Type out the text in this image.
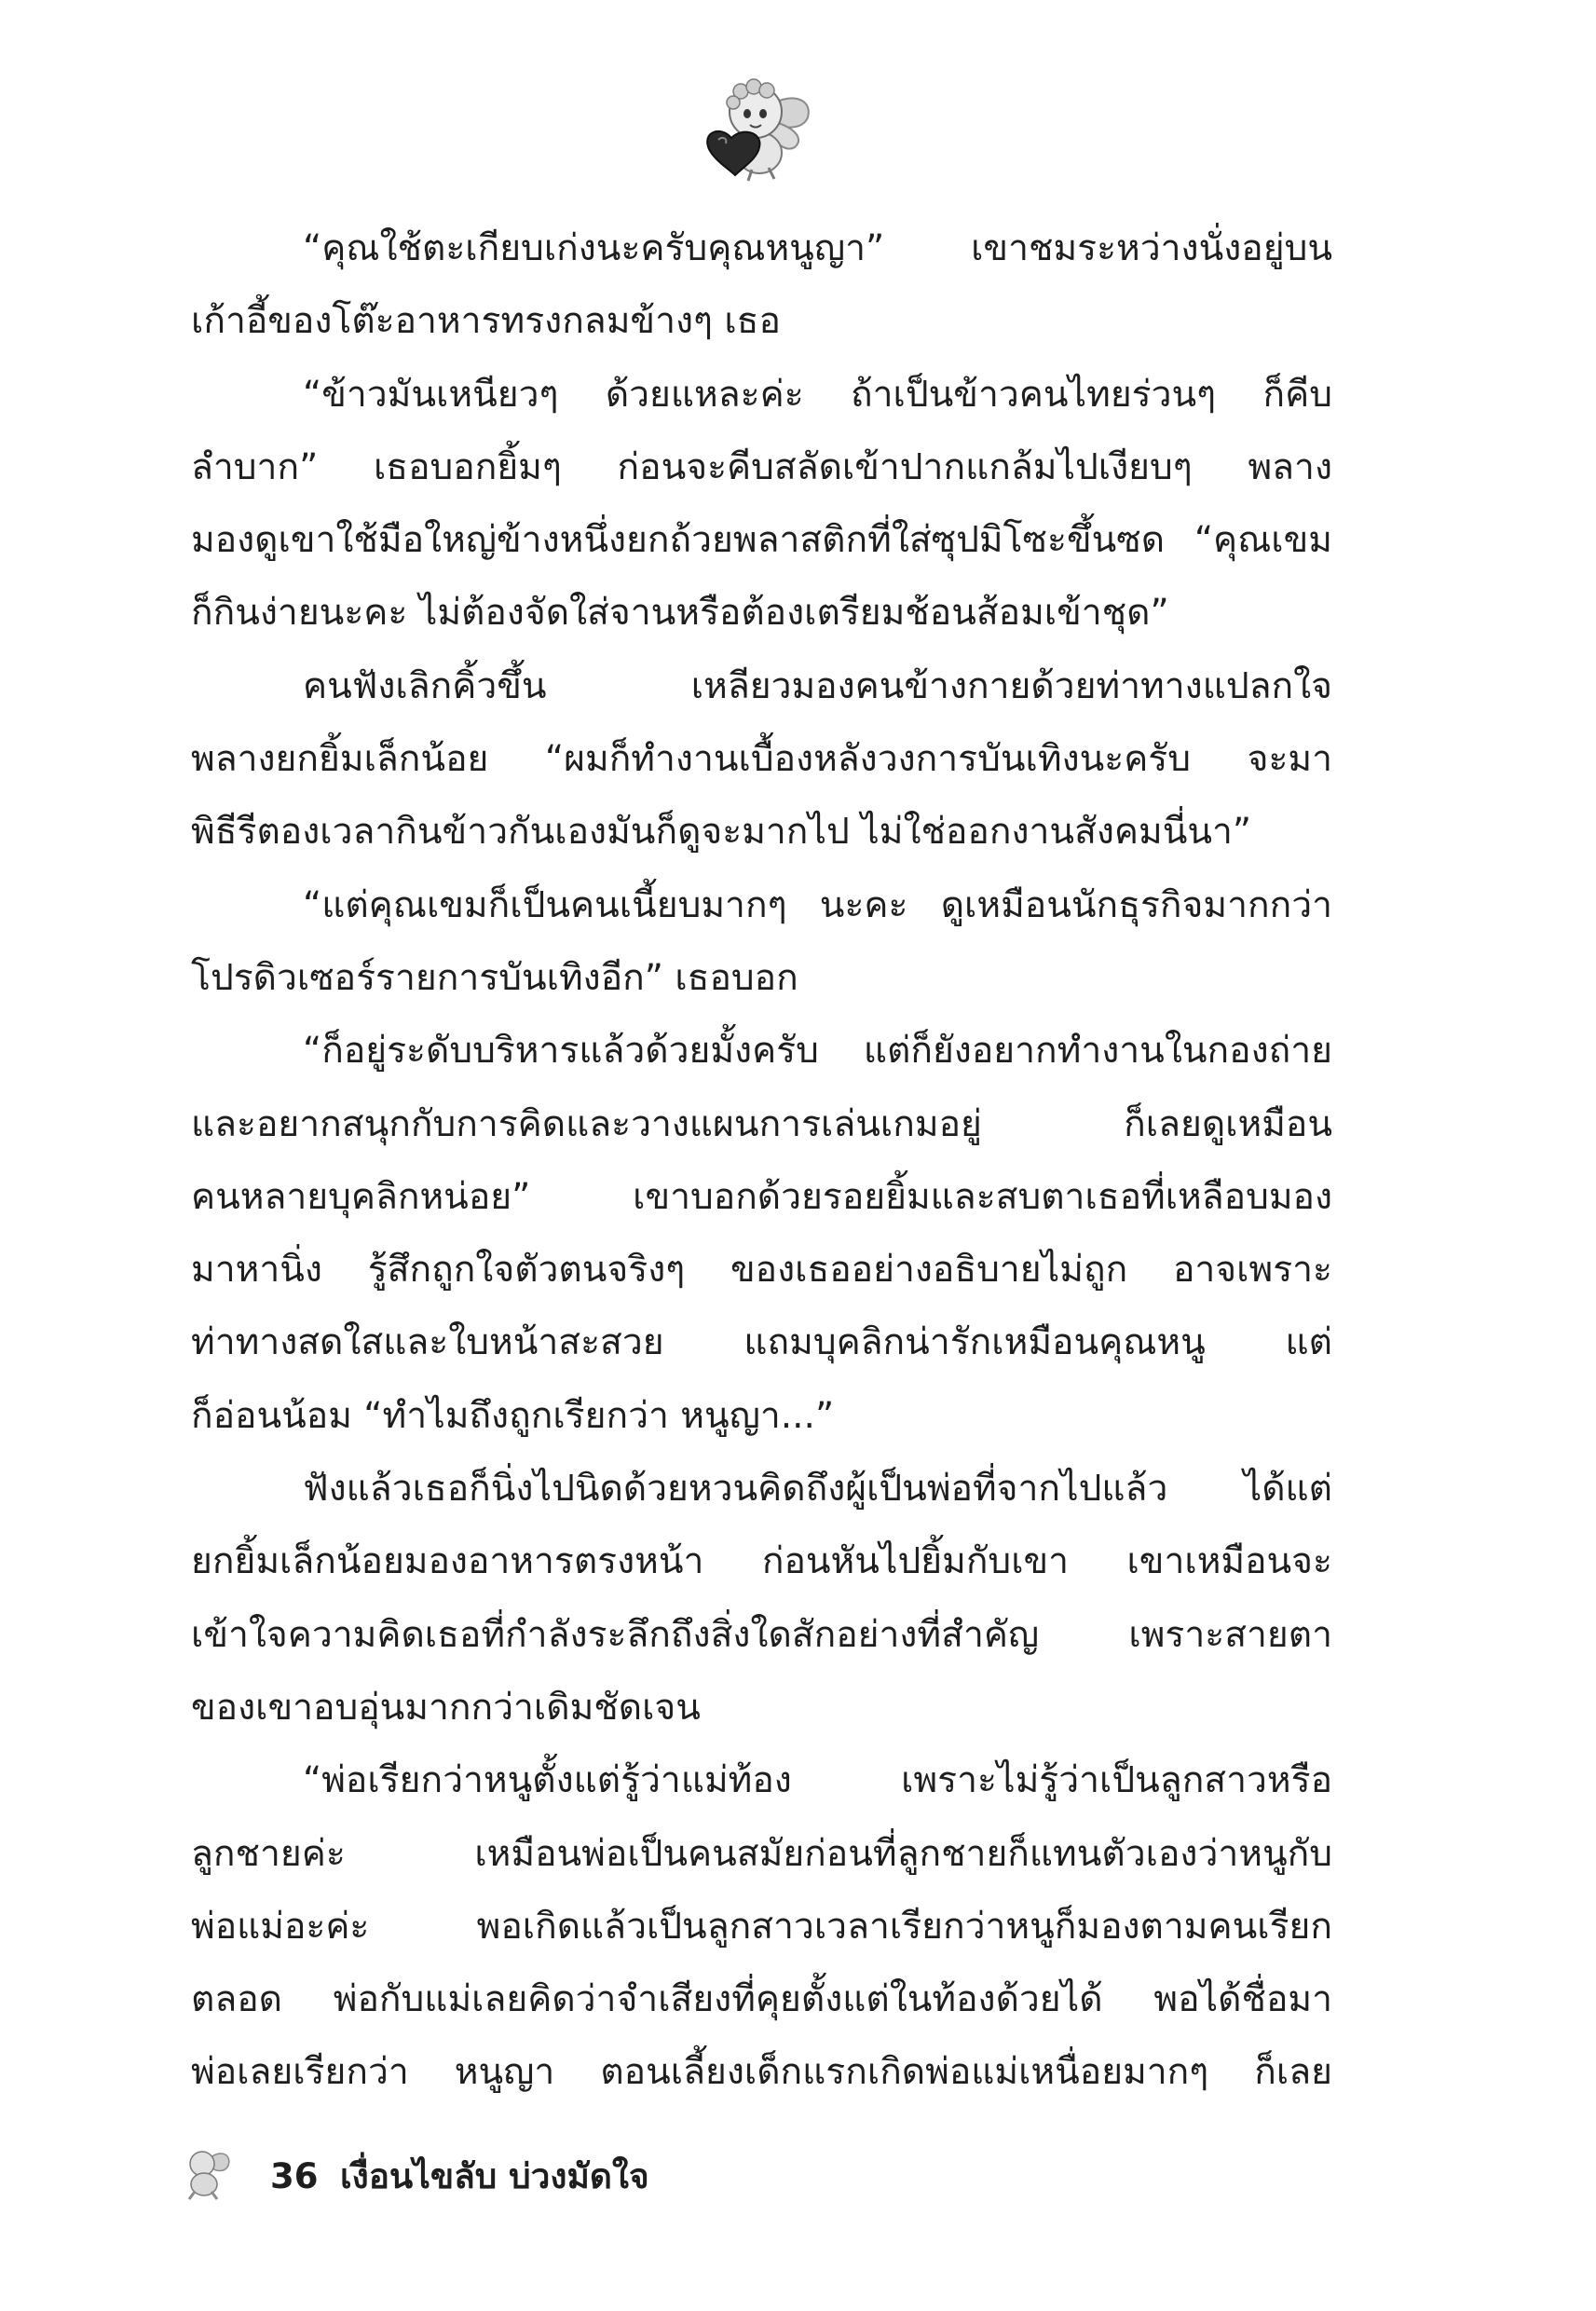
“คุณใช้ตะเกียบเก่งนะครับคุณหนูญา” เขาชมระหว่างนั่งอยู่บน
เก้าอี้ของโต๊ะอาหารทรงกลมข้างๆ เธอ
“ข้าวมันเหนียวๆ ด้วยแหละค่ะ ถ้าเป็นข้าวคนไทยร่วนๆ ก็คีบ
ลำบาก” เธอบอกยิ้มๆ ก่อนจะคีบสลัดเข้าปากแกล้มไปเงียบๆ พลาง
มองดูเขาใช้มือใหญ่ข้างหนึ่งยกถ้วยพลาสติกที่ใส่ซุปมิโซะขึ้นซด “คุณเขม
ก็กินง่ายนะคะ ไม่ต้องจัดใส่จานหรือต้องเตรียมช้อนส้อมเข้าชุด”
คนฟังเลิกคิ้วขึ้น เหลียวมองคนข้างกายด้วยท่าทางแปลกใจ
พลางยกยิ้มเล็กน้อย “ผมก็ทำงานเบื้องหลังวงการบันเทิงนะครับ จะมา
พิธีรีตองเวลากินข้าวกันเองมันก็ดูจะมากไป ไม่ใช่ออกงานสังคมนี่นา”
“แต่คุณเขมก็เป็นคนเนี้ยบมากๆ นะคะ ดูเหมือนนักธุรกิจมากกว่า
โปรดิวเซอร์รายการบันเทิงอีก” เธอบอก
“ก็อยู่ระดับบริหารแล้วด้วยมั้งครับ แต่ก็ยังอยากทำงานในกองถ่าย
และอยากสนุกกับการคิดและวางแผนการเล่นเกมอยู่ ก็เลยดูเหมือน
คนหลายบุคลิกหน่อย” เขาบอกด้วยรอยยิ้มและสบตาเธอที่เหลือบมอง
มาหานิ่ง รู้สึกถูกใจตัวตนจริงๆ ของเธออย่างอธิบายไม่ถูก อาจเพราะ
ท่าทางสดใสและใบหน้าสะสวย แถมบุคลิกน่ารักเหมือนคุณหนู แต่
ก็อ่อนน้อม “ทำไมถึงถูกเรียกว่า หนูญา...”
ฟังแล้วเธอก็นิ่งไปนิดด้วยหวนคิดถึงผู้เป็นพ่อที่จากไปแล้ว ได้แต่
ยกยิ้มเล็กน้อยมองอาหารตรงหน้า ก่อนหันไปยิ้มกับเขา เขาเหมือนจะ
เข้าใจความคิดเธอที่กำลังระลึกถึงสิ่งใดสักอย่างที่สำคัญ เพราะสายตา
ของเขาอบอุ่นมากกว่าเดิมชัดเจน
“พ่อเรียกว่าหนูตั้งแต่รู้ว่าแม่ท้อง เพราะไม่รู้ว่าเป็นลูกสาวหรือ
ลูกชายค่ะ เหมือนพ่อเป็นคนสมัยก่อนที่ลูกชายก็แทนตัวเองว่าหนูกับ
พ่อแม่อะค่ะ พอเกิดแล้วเป็นลูกสาวเวลาเรียกว่าหนูก็มองตามคนเรียก
ตลอด พ่อกับแม่เลยคิดว่าจำเสียงที่คุยตั้งแต่ในท้องด้วยได้ พอได้ชื่อมา
พ่อเลยเรียกว่า หนูญา ตอนเลี้ยงเด็กแรกเกิดพ่อแม่เหนื่อยมากๆ ก็เลย
36 เงื่อนไขลับ บ่วงมัดใจ
